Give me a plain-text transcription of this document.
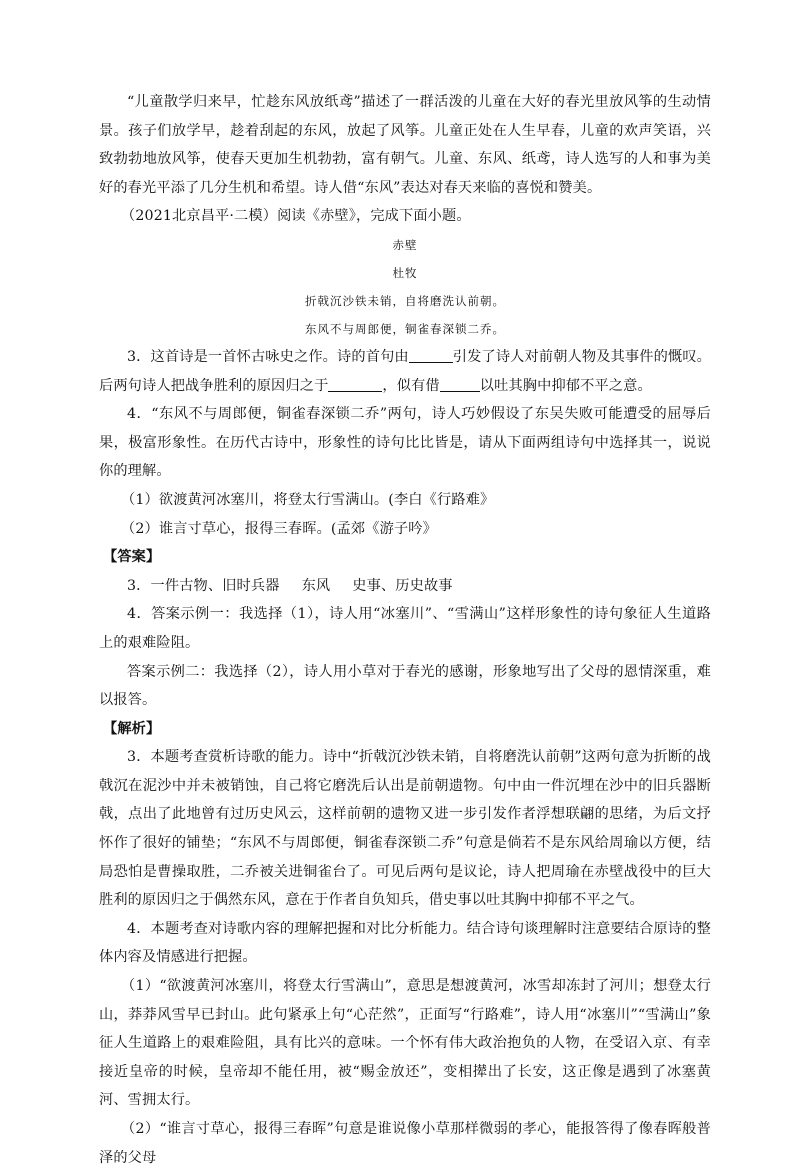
“儿童散学归来早，忙趁东风放纸鸢”描述了一群活泼的儿童在大好的春光里放风筝的生动情景。孩子们放学早，趁着刮起的东风，放起了风筝。儿童正处在人生早春，儿童的欢声笑语，兴致勃勃地放风筝，使春天更加生机勃勃，富有朝气。儿童、东风、纸鸢，诗人选写的人和事为美好的春光平添了几分生机和希望。诗人借“东风”表达对春天来临的喜悦和赞美。

（2021北京昌平·二模）阅读《赤壁》，完成下面小题。

赤壁

杜牧

折戟沉沙铁未销，自将磨洗认前朝。

东风不与周郎便，铜雀春深锁二乔。

3．这首诗是一首怀古咏史之作。诗的首句由	引发了诗人对前朝人物及其事件的慨叹。后两句诗人把战争胜利的原因归之于	，似有借	以吐其胸中抑郁不平之意。

4．“东风不与周郎便，铜雀春深锁二乔”两句，诗人巧妙假设了东吴失败可能遭受的屈辱后果，极富形象性。在历代古诗中，形象性的诗句比比皆是，请从下面两组诗句中选择其一，说说你的理解。

（1）欲渡黄河冰塞川，将登太行雪满山。(李白《行路难》

（2）谁言寸草心，报得三春晖。(孟郊《游子吟》

【答案】

3．一件古物、旧时兵器 东风 史事、历史故事

4．答案示例一：我选择（1），诗人用“冰塞川”、“雪满山”这样形象性的诗句象征人生道路上的艰难险阻。

答案示例二：我选择（2），诗人用小草对于春光的感谢，形象地写出了父母的恩情深重，难以报答。

【解析】

3．本题考查赏析诗歌的能力。诗中“折戟沉沙铁未销，自将磨洗认前朝”这两句意为折断的战戟沉在泥沙中并未被销蚀，自己将它磨洗后认出是前朝遗物。句中由一件沉埋在沙中的旧兵器断戟，点出了此地曾有过历史风云，这样前朝的遗物又进一步引发作者浮想联翩的思绪，为后文抒怀作了很好的铺垫；“东风不与周郎便，铜雀春深锁二乔”句意是倘若不是东风给周瑜以方便，结局恐怕是曹操取胜，二乔被关进铜雀台了。可见后两句是议论，诗人把周瑜在赤壁战役中的巨大胜利的原因归之于偶然东风，意在于作者自负知兵，借史事以吐其胸中抑郁不平之气。

4．本题考查对诗歌内容的理解把握和对比分析能力。结合诗句谈理解时注意要结合原诗的整体内容及情感进行把握。

（1）“欲渡黄河冰塞川，将登太行雪满山”，意思是想渡黄河，冰雪却冻封了河川；想登太行山，莽莽风雪早已封山。此句紧承上句“心茫然”，正面写“行路难”，诗人用“冰塞川”“雪满山”象征人生道路上的艰难险阻，具有比兴的意味。一个怀有伟大政治抱负的人物，在受诏入京、有幸接近皇帝的时候，皇帝却不能任用，被“赐金放还”，变相撵出了长安，这正像是遇到了冰塞黄河、雪拥太行。

（2）“谁言寸草心，报得三春晖”句意是谁说像小草那样微弱的孝心，能报答得了像春晖般普泽的父母
